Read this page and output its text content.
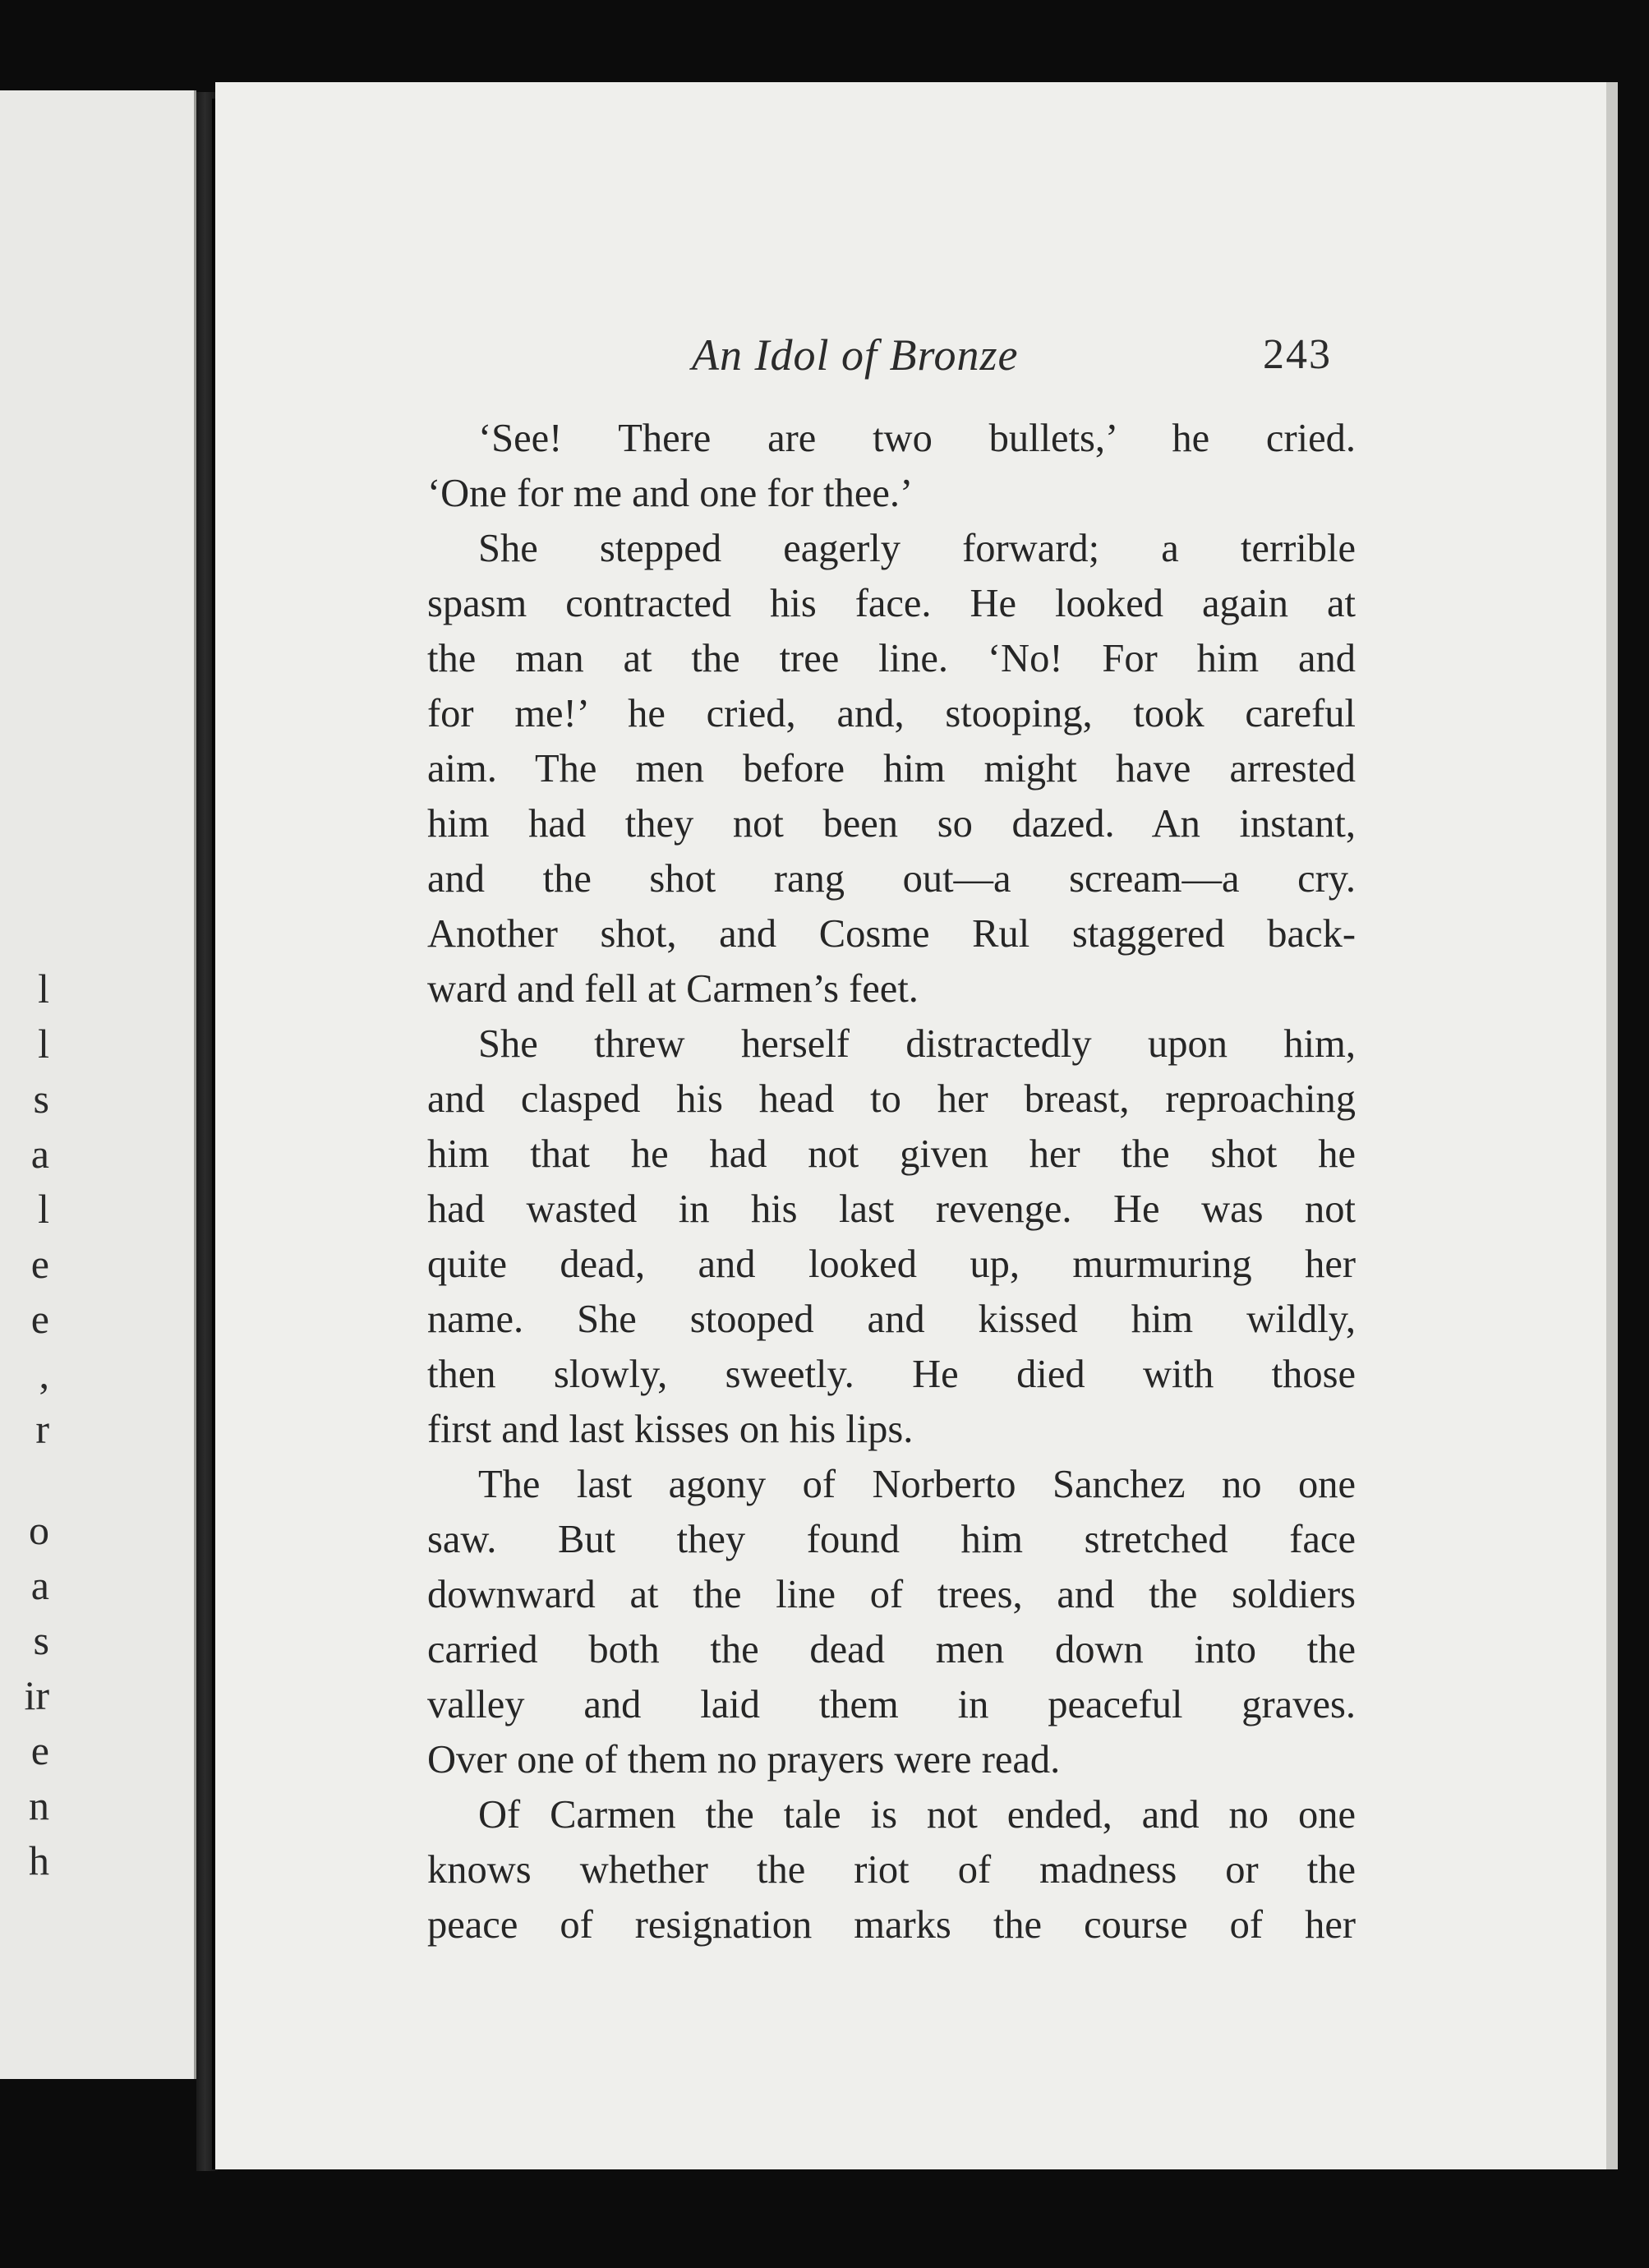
l
l
s
a
l
e
e
,
r
o
a
s
ir
e
n
h
An Idol of Bronze	243
‘See! There are two bullets,’ he cried.
‘One for me and one for thee.’
She stepped eagerly forward; a terrible
spasm contracted his face. He looked again at
the man at the tree line. ‘No! For him and
for me!’ he cried, and, stooping, took careful
aim. The men before him might have arrested
him had they not been so dazed. An instant,
and the shot rang out—a scream—a cry.
Another shot, and Cosme Rul staggered back-
ward and fell at Carmen’s feet.
She threw herself distractedly upon him,
and clasped his head to her breast, reproaching
him that he had not given her the shot he
had wasted in his last revenge. He was not
quite dead, and looked up, murmuring her
name. She stooped and kissed him wildly,
then slowly, sweetly. He died with those
first and last kisses on his lips.
The last agony of Norberto Sanchez no one
saw. But they found him stretched face
downward at the line of trees, and the soldiers
carried both the dead men down into the
valley and laid them in peaceful graves.
Over one of them no prayers were read.
Of Carmen the tale is not ended, and no one
knows whether the riot of madness or the
peace of resignation marks the course of her
